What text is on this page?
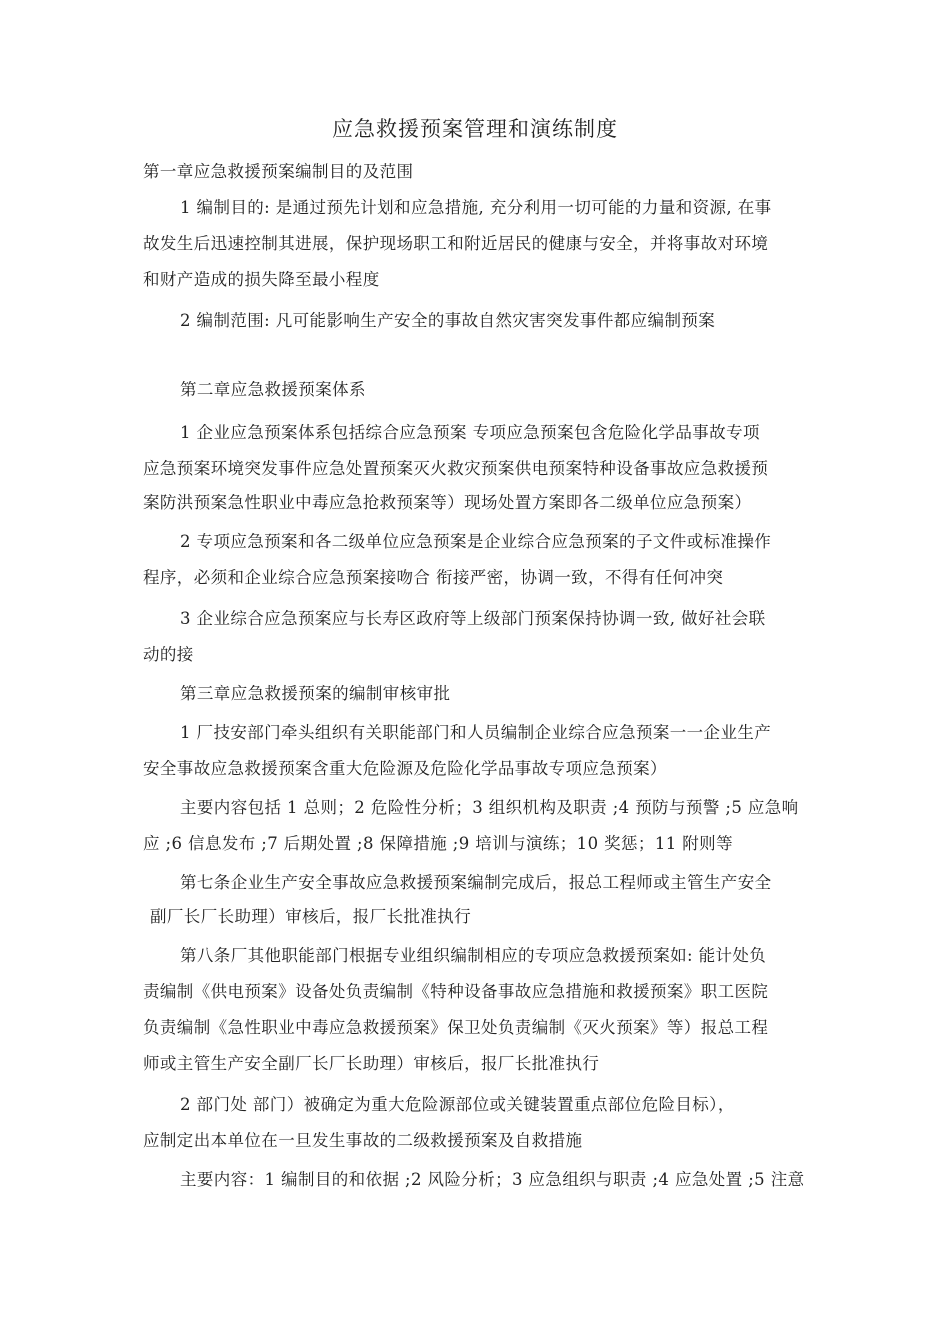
应急救援预案管理和演练制度
第一章应急救援预案编制目的及范围
1 编制目的: 是通过预先计划和应急措施, 充分利用一切可能的力量和资源, 在事
故发生后迅速控制其进展，保护现场职工和附近居民的健康与安全，并将事故对环境
和财产造成的损失降至最小程度
2 编制范围: 凡可能影响生产安全的事故自然灾害突发事件都应编制预案
第二章应急救援预案体系
1 企业应急预案体系包括综合应急预案 专项应急预案包含危险化学品事故专项
应急预案环境突发事件应急处置预案灭火救灾预案供电预案特种设备事故应急救援预
案防洪预案急性职业中毒应急抢救预案等）现场处置方案即各二级单位应急预案）
2 专项应急预案和各二级单位应急预案是企业综合应急预案的子文件或标准操作
程序，必须和企业综合应急预案接吻合 衔接严密，协调一致，不得有任何冲突
3 企业综合应急预案应与长寿区政府等上级部门预案保持协调一致, 做好社会联
动的接
第三章应急救援预案的编制审核审批
1 厂技安部门牵头组织有关职能部门和人员编制企业综合应急预案一一企业生产
安全事故应急救援预案含重大危险源及危险化学品事故专项应急预案）
主要内容包括 1 总则；2 危险性分析；3 组织机构及职责 ;4 预防与预警 ;5 应急响
应 ;6 信息发布 ;7 后期处置 ;8 保障措施 ;9 培训与演练；10 奖惩；11 附则等
第七条企业生产安全事故应急救援预案编制完成后，报总工程师或主管生产安全
副厂长厂长助理）审核后，报厂长批准执行
第八条厂其他职能部门根据专业组织编制相应的专项应急救援预案如: 能计处负
责编制《供电预案》设备处负责编制《特种设备事故应急措施和救援预案》职工医院
负责编制《急性职业中毒应急救援预案》保卫处负责编制《灭火预案》等）报总工程
师或主管生产安全副厂长厂长助理）审核后，报厂长批准执行
2 部门处 部门）被确定为重大危险源部位或关键装置重点部位危险目标），
应制定出本单位在一旦发生事故的二级救援预案及自救措施
主要内容：1 编制目的和依据 ;2 风险分析；3 应急组织与职责 ;4 应急处置 ;5 注意
